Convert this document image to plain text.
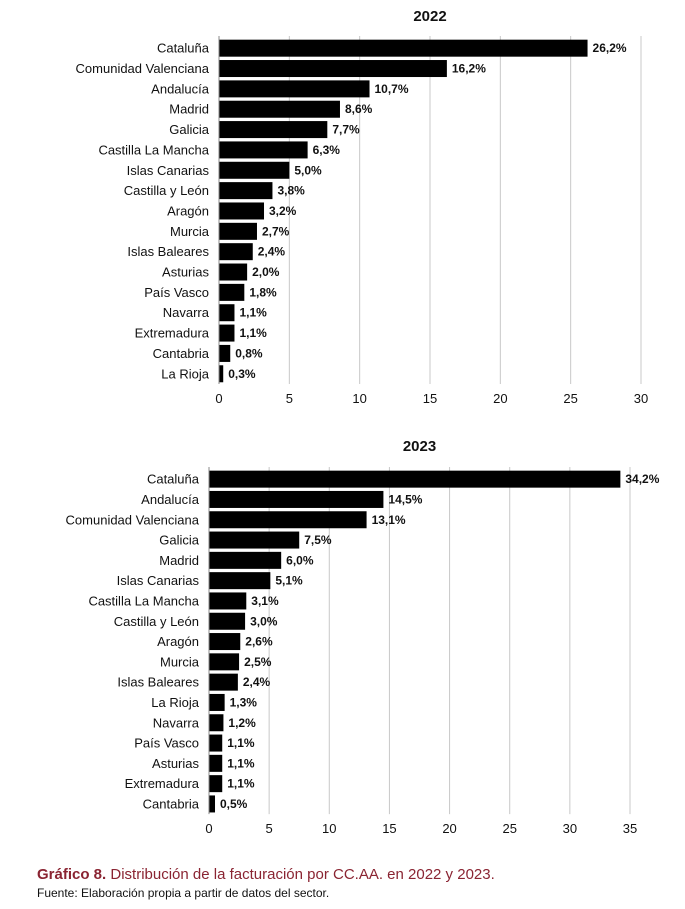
2022
0	5	10	15	20	25	30
Cataluña	26,2%
Comunidad Valenciana	16,2%
Andalucía	10,7%
Madrid	8,6%
Galicia	7,7%
Castilla La Mancha	6,3%
Islas Canarias	5,0%
Castilla y León	3,8%
Aragón	3,2%
Murcia	2,7%
Islas Baleares	2,4%
Asturias	2,0%
País Vasco	1,8%
Navarra	1,1%
Extremadura	1,1%
Cantabria 0,8%
La Rioja 0,3%
2023
0	5	10	15	20	25	30	35
Cataluña	34,2%
Andalucía	14,5%
Comunidad Valenciana	13,1%
Galicia	7,5%
Madrid	6,0%
Islas Canarias	5,1%
Castilla La Mancha	3,1%
Castilla y León	3,0%
Aragón	2,6%
Murcia	2,5%
Islas Baleares	2,4%
La Rioja	1,3%
Navarra 1,2%
País Vasco 1,1%
Asturias 1,1%
Extremadura 1,1%
Cantabria 0,5%
Gráfico 8. Distribución de la facturación por CC.AA. en 2022 y 2023.
Fuente: Elaboración propia a partir de datos del sector.
